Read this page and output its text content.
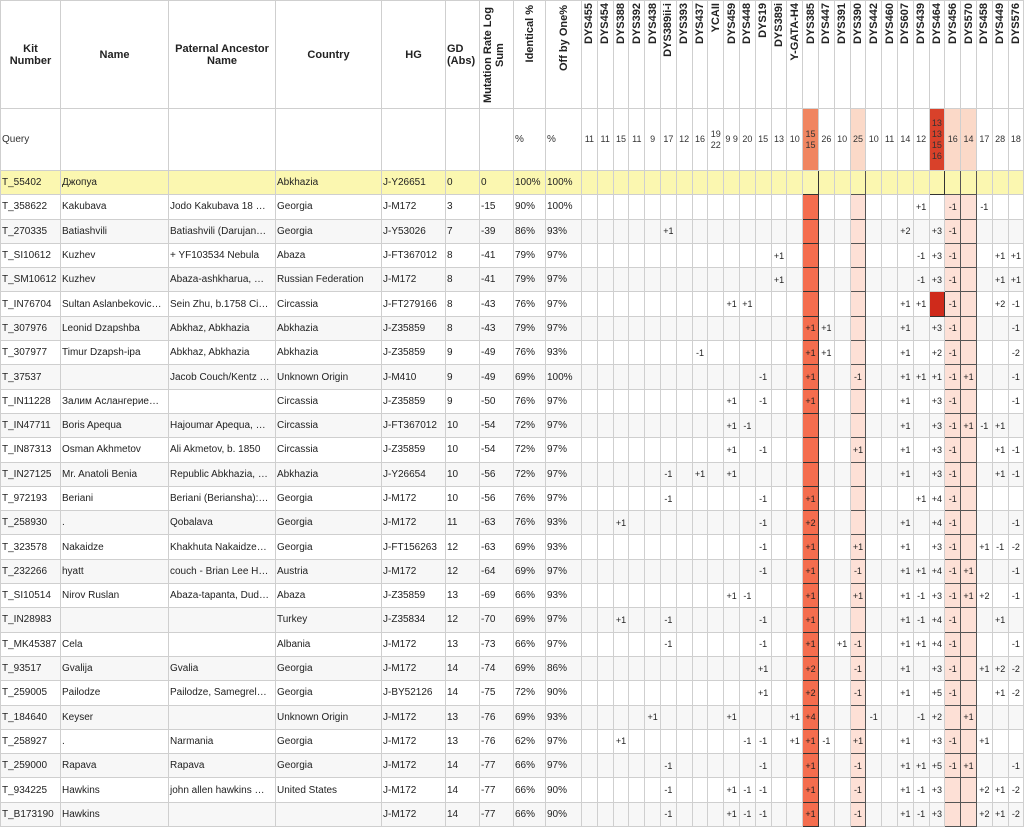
Kit Number	Name	Paternal Ancestor Name	Country	HG	GD (Abs)	Mutation Rate Log Sum	Identical %	Off by One%	DYS455	DYS454	DYS388	DYS392	DYS438	DYS389ii-i	DYS393	DYS437	YCAII	DYS459	DYS448	DYS19	DYS389i	Y-GATA-H4	DYS385	DYS447	DYS391	DYS390	DYS442	DYS460	DYS607	DYS439	DYS464	DYS456	DYS570	DYS458	DYS449	DYS576

Query							%	%	11	11	15	11	9	17	12	16	19 22	9 9	20	15	13	10	15 15	26	10	25	10	11	14	12	13 13 15 16	16	14	17	28	18
T_55402	Джопуа		Abkhazia	J-Y26651	0	0	100%	100%																												
T_358622	Kakubava	Jodo Kakubava 18 …	Georgia	J-M172	3	-15	90%	100%																						+1		-1		-1		
T_270335	Batiashvili	Batiashvili (Darujan…	Georgia	J-Y53026	7	-39	86%	93%						+1															+2		+3	-1				
T_SI10612	Kuzhev	+ YF103534 Nebula	Abaza	J-FT367012	8	-41	79%	97%													+1									-1	+3	-1			+1	+1
T_SM10612	Kuzhev	Abaza-ashkharua, …	Russian Federation	J-M172	8	-41	79%	97%													+1									-1	+3	-1			+1	+1
T_IN76704	Sultan Aslanbekovic…	Sein Zhu, b.1758 Ci…	Circassia	J-FT279166	8	-43	76%	97%										+1	+1										+1	+1		-1			+2	-1
T_307976	Leonid Dzapshba	Abkhaz, Abkhazia	Abkhazia	J-Z35859	8	-43	79%	97%															+1	+1					+1		+3	-1				-1
T_307977	Timur Dzapsh-ipa	Abkhaz, Abkhazia	Abkhazia	J-Z35859	9	-49	76%	93%								-1							+1	+1					+1		+2	-1				-2
T_37537		Jacob Couch/Kentz …	Unknown Origin	J-M410	9	-49	69%	100%												-1			+1			-1			+1	+1	+1	-1	+1			-1
T_IN11228	Залим Аслангерие…		Circassia	J-Z35859	9	-50	76%	97%										+1		-1			+1						+1		+3	-1				-1
T_IN47711	Boris Apequa	Hajoumar Apequa, …	Circassia	J-FT367012	10	-54	72%	97%										+1	-1										+1		+3	-1	+1	-1	+1	
T_IN87313	Osman Akhmetov	Ali Akmetov, b. 1850	Circassia	J-Z35859	10	-54	72%	97%										+1		-1						+1			+1		+3	-1			+1	-1
T_IN27125	Mr. Anatoli Benia	Republic Abkhazia, …	Abkhazia	J-Y26654	10	-56	72%	97%						-1		+1		+1											+1		+3	-1			+1	-1
T_972193	Beriani	Beriani (Berianshа):…	Georgia	J-M172	10	-56	76%	97%						-1						-1			+1							+1	+4	-1				
T_258930	.	Qobalava	Georgia	J-M172	11	-63	76%	93%			+1									-1			+2						+1		+4	-1				-1
T_323578	Nakaidze	Khakhuta Nakaidze…	Georgia	J-FT156263	12	-63	69%	93%												-1			+1			+1			+1		+3	-1		+1	-1	-2
T_232266	hyatt	couch - Brian Lee H…	Austria	J-M172	12	-64	69%	97%												-1			+1			-1			+1	+1	+4	-1	+1			-1
T_SI10514	Nirov Ruslan	Abaza-tapanta, Dud…	Abaza	J-Z35859	13	-69	66%	93%										+1	-1				+1			+1			+1	-1	+3	-1	+1	+2		-1
T_IN28983			Turkey	J-Z35834	12	-70	69%	97%			+1			-1						-1			+1						+1	-1	+4	-1			+1	
T_MK45387	Cela		Albania	J-M172	13	-73	66%	97%						-1						-1			+1		+1	-1			+1	+1	+4	-1				-1
T_93517	Gvalija	Gvalia	Georgia	J-M172	14	-74	69%	86%												+1			+2			-1			+1		+3	-1		+1	+2	-2
T_259005	Pailodze	Pailodze, Samegrel…	Georgia	J-BY52126	14	-75	72%	90%												+1			+2			-1			+1		+5	-1			+1	-2
T_184640	Keyser		Unknown Origin	J-M172	13	-76	69%	93%					+1					+1				+1	+4				-1			-1	+2		+1			
T_258927	.	Narmania	Georgia	J-M172	13	-76	62%	97%			+1								-1	-1		+1	+1	-1		+1			+1		+3	-1		+1		
T_259000	Rapava	Rapava	Georgia	J-M172	14	-77	66%	97%						-1						-1			+1			-1			+1	+1	+5	-1	+1			-1
T_934225	Hawkins	john allen hawkins …	United States	J-M172	14	-77	66%	90%						-1				+1	-1	-1			+1			-1			+1	-1	+3			+2	+1	-2
T_B173190	Hawkins			J-M172	14	-77	66%	90%						-1				+1	-1	-1			+1			-1			+1	-1	+3			+2	+1	-2
